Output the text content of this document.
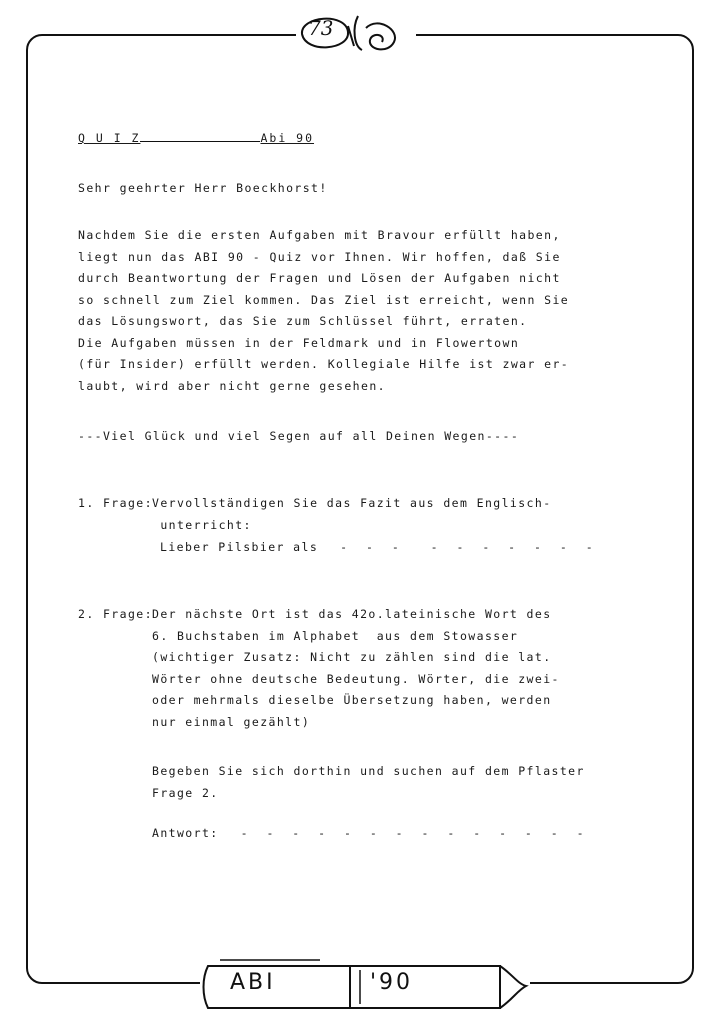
73
Q U I Z	Abi 90
Sehr geehrter Herr Boeckhorst!
Nachdem Sie die ersten Aufgaben mit Bravour erfüllt haben,
liegt nun das ABI 90 - Quiz vor Ihnen. Wir hoffen, daß Sie
durch Beantwortung der Fragen und Lösen der Aufgaben nicht
so schnell zum Ziel kommen. Das Ziel ist erreicht, wenn Sie
das Lösungswort, das Sie zum Schlüssel führt, erraten.
Die Aufgaben müssen in der Feldmark und in Flowertown
(für Insider) erfüllt werden. Kollegiale Hilfe ist zwar er-
laubt, wird aber nicht gerne gesehen.
---Viel Glück und viel Segen auf all Deinen Wegen----
1. Frage: Vervollständigen Sie das Fazit aus dem Englisch-
unterricht:
Lieber Pilsbier als - - -  - - - - - - -
2. Frage: Der nächste Ort ist das 42o.lateinische Wort des
6. Buchstaben im Alphabet  aus dem Stowasser
(wichtiger Zusatz: Nicht zu zählen sind die lat.
Wörter ohne deutsche Bedeutung. Wörter, die zwei-
oder mehrmals dieselbe Übersetzung haben, werden
nur einmal gezählt)
Begeben Sie sich dorthin und suchen auf dem Pflaster
Frage 2.
Antwort: - - - - - - - - - - - - - -
ABI	'90
